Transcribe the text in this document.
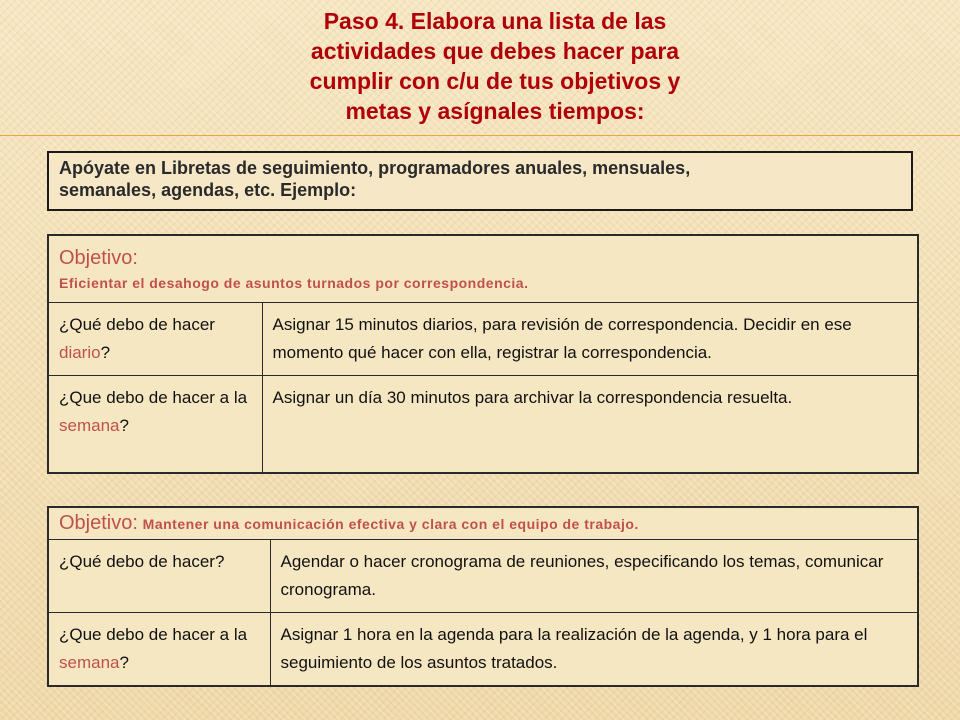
Paso 4. Elabora una lista de las
actividades que debes hacer para
cumplir con c/u de tus objetivos y
metas y asígnales tiempos:
Apóyate en Libretas de seguimiento, programadores anuales, mensuales,
semanales, agendas, etc. Ejemplo:
Objetivo:
Eficientar el desahogo de asuntos turnados por correspondencia.	

¿Qué debo de hacer diario?	Asignar 15 minutos diarios, para revisión de correspondencia. Decidir en ese momento qué hacer con ella, registrar la correspondencia.
¿Que debo de hacer a la semana?	Asignar un día 30 minutos para archivar la correspondencia resuelta.
Objetivo: Mantener una comunicación efectiva y clara con el equipo de trabajo.	
¿Qué debo de hacer?	Agendar o hacer cronograma de reuniones, especificando los temas, comunicar cronograma.
¿Que debo de hacer a la semana?	Asignar 1 hora en la agenda para la realización de la agenda, y 1 hora para el seguimiento de los asuntos tratados.
